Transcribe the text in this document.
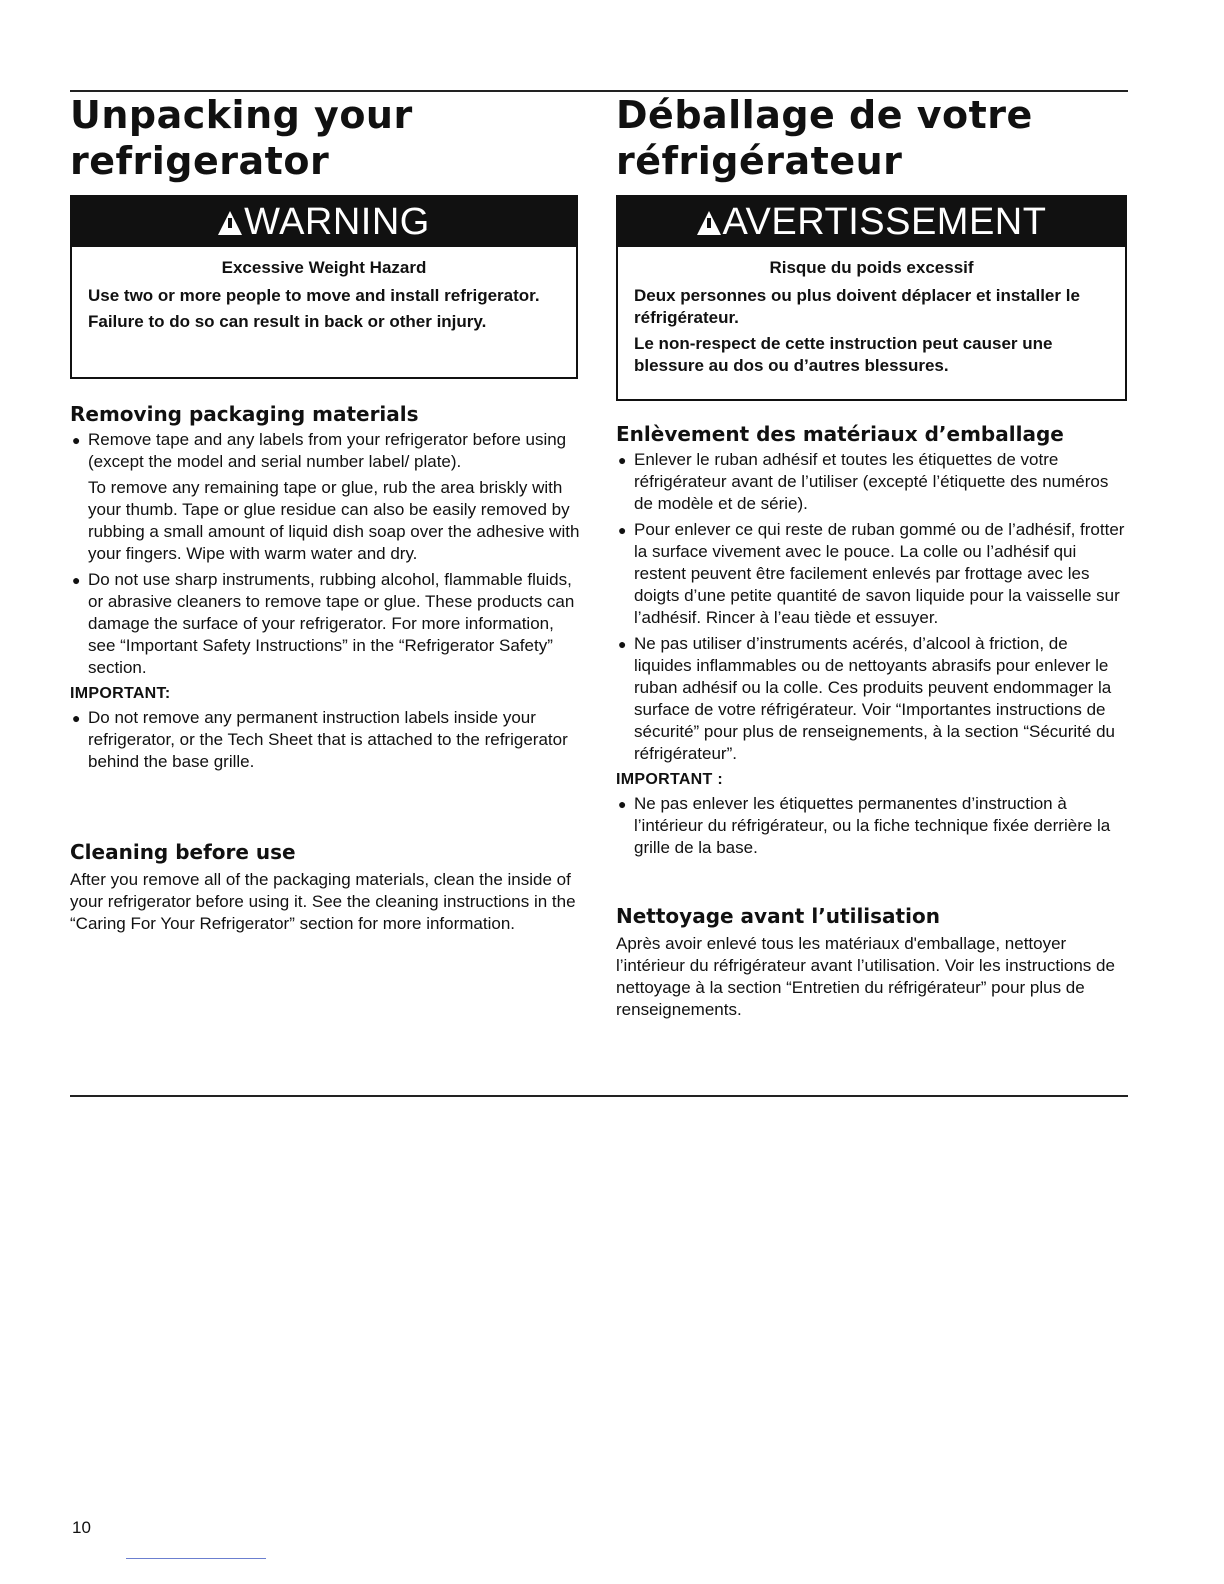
Unpacking your
refrigerator
WARNING
Excessive Weight Hazard

Use two or more people to move and install refrigerator.

Failure to do so can result in back or other injury.

Removing packaging materials
● Remove tape and any labels from your refrigerator before using (except the model and serial number label/ plate).

To remove any remaining tape or glue, rub the area briskly with your thumb. Tape or glue residue can also be easily removed by rubbing a small amount of liquid dish soap over the adhesive with your fingers. Wipe with warm water and dry.

● Do not use sharp instruments, rubbing alcohol, flammable fluids, or abrasive cleaners to remove tape or glue. These products can damage the surface of your refrigerator. For more information, see “Important Safety Instructions” in the “Refrigerator Safety” section.
IMPORTANT:
● Do not remove any permanent instruction labels inside your refrigerator, or the Tech Sheet that is attached to the refrigerator behind the base grille.
Cleaning before use

After you remove all of the packaging materials, clean the inside of your refrigerator before using it. See the cleaning instructions in the “Caring For Your Refrigerator” section for more information.

Déballage de votre
réfrigérateur
AVERTISSEMENT
Risque du poids excessif

Deux personnes ou plus doivent déplacer et installer le réfrigérateur.

Le non-respect de cette instruction peut causer une blessure au dos ou d’autres blessures.

Enlèvement des matériaux d’emballage
● Enlever le ruban adhésif et toutes les étiquettes de votre réfrigérateur avant de l’utiliser (excepté l’étiquette des numéros de modèle et de série).
● Pour enlever ce qui reste de ruban gommé ou de l’adhésif, frotter la surface vivement avec le pouce. La colle ou l’adhésif qui restent peuvent être facilement enlevés par frottage avec les doigts d’une petite quantité de savon liquide pour la vaisselle sur l’adhésif. Rincer à l’eau tiède et essuyer.
● Ne pas utiliser d’instruments acérés, d’alcool à friction, de liquides inflammables ou de nettoyants abrasifs pour enlever le ruban adhésif ou la colle. Ces produits peuvent endommager la surface de votre réfrigérateur. Voir “Importantes instructions de sécurité” pour plus de renseignements, à la section “Sécurité du réfrigérateur”.
IMPORTANT :
● Ne pas enlever les étiquettes permanentes d’instruction à l’intérieur du réfrigérateur, ou la fiche technique fixée derrière la grille de la base.
Nettoyage avant l’utilisation

Après avoir enlevé tous les matériaux d'emballage, nettoyer l’intérieur du réfrigérateur avant l’utilisation. Voir les instructions de nettoyage à la section “Entretien du réfrigérateur” pour plus de renseignements.

10
